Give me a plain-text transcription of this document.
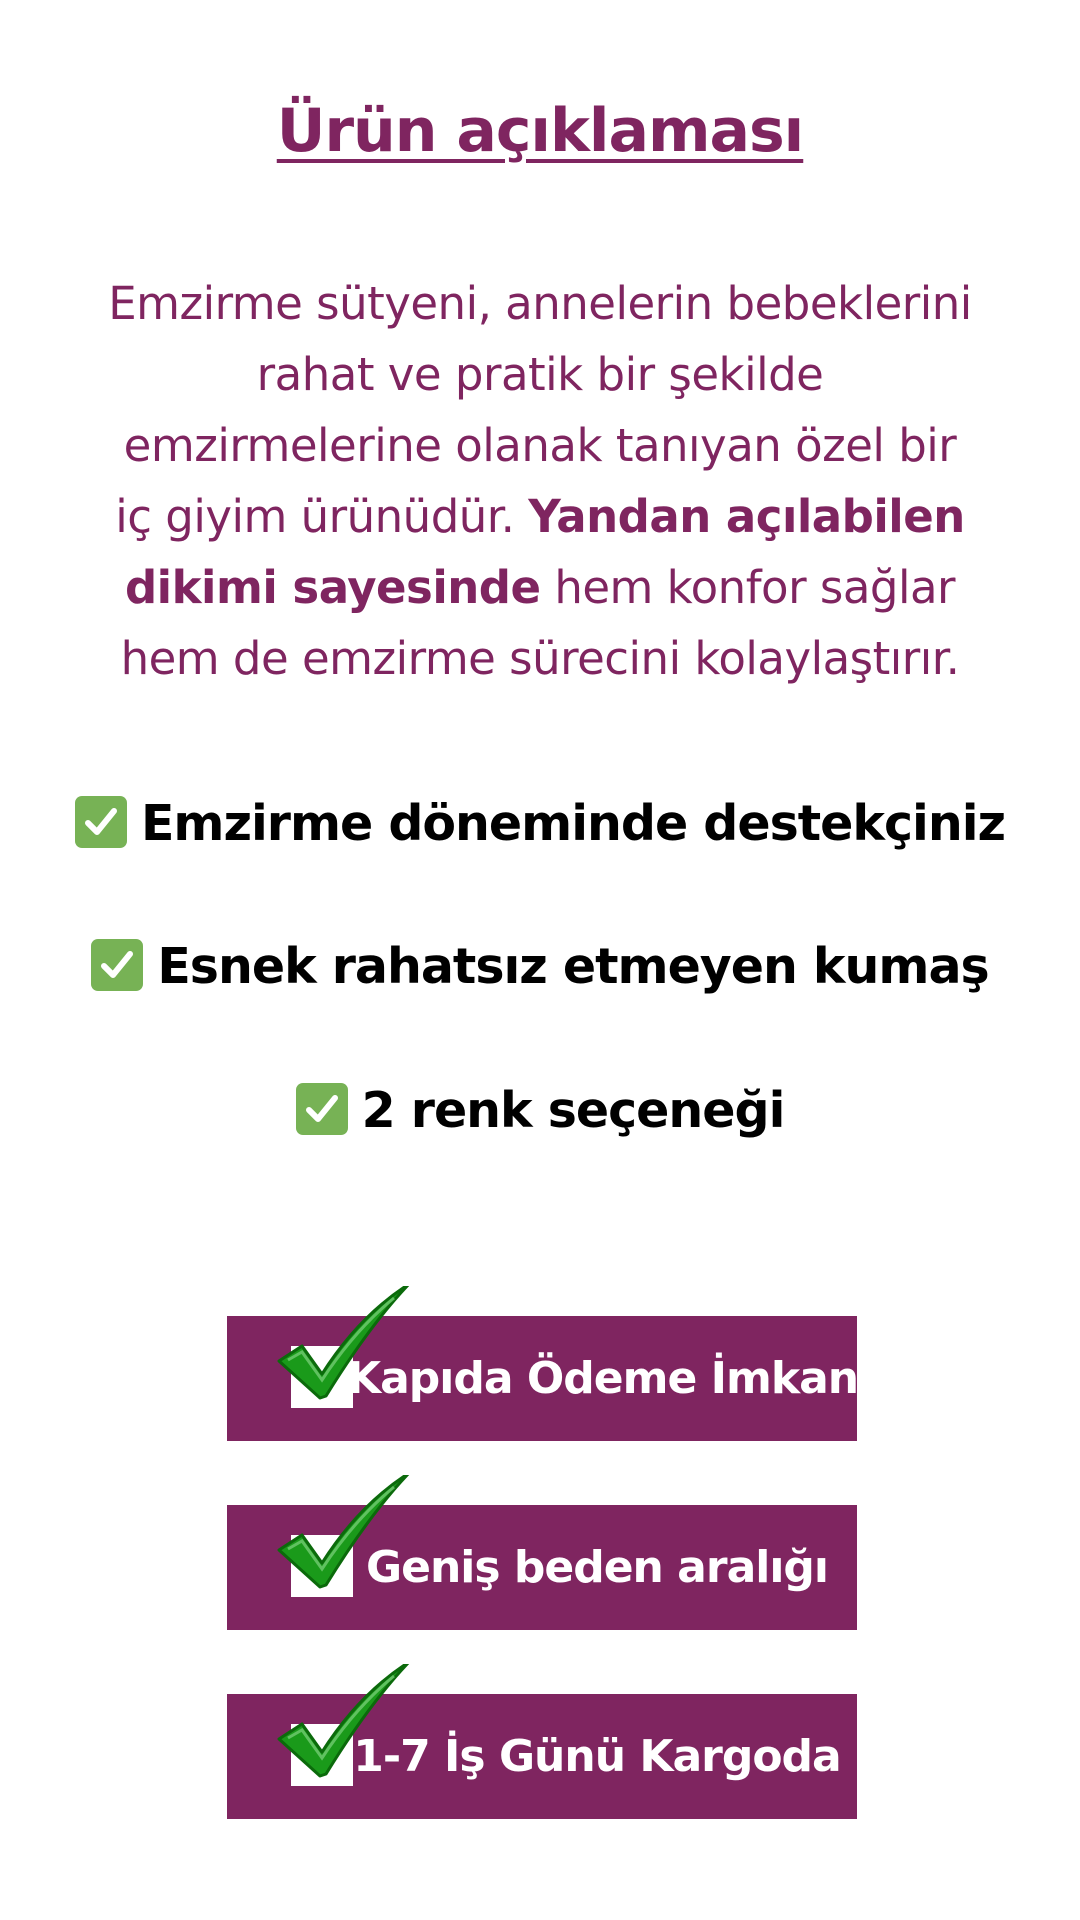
Ürün açıklaması
Emzirme sütyeni, annelerin bebeklerini rahat ve pratik bir şekilde emzirmelerine olanak tanıyan özel bir iç giyim ürünüdür. Yandan açılabilen dikimi sayesinde hem konfor sağlar hem de emzirme sürecini kolaylaştırır.
Emzirme döneminde destekçiniz
Esnek rahatsız etmeyen kumaş
2 renk seçeneği
Kapıda Ödeme İmkanı
Geniş beden aralığı
1-7 İş Günü Kargoda
